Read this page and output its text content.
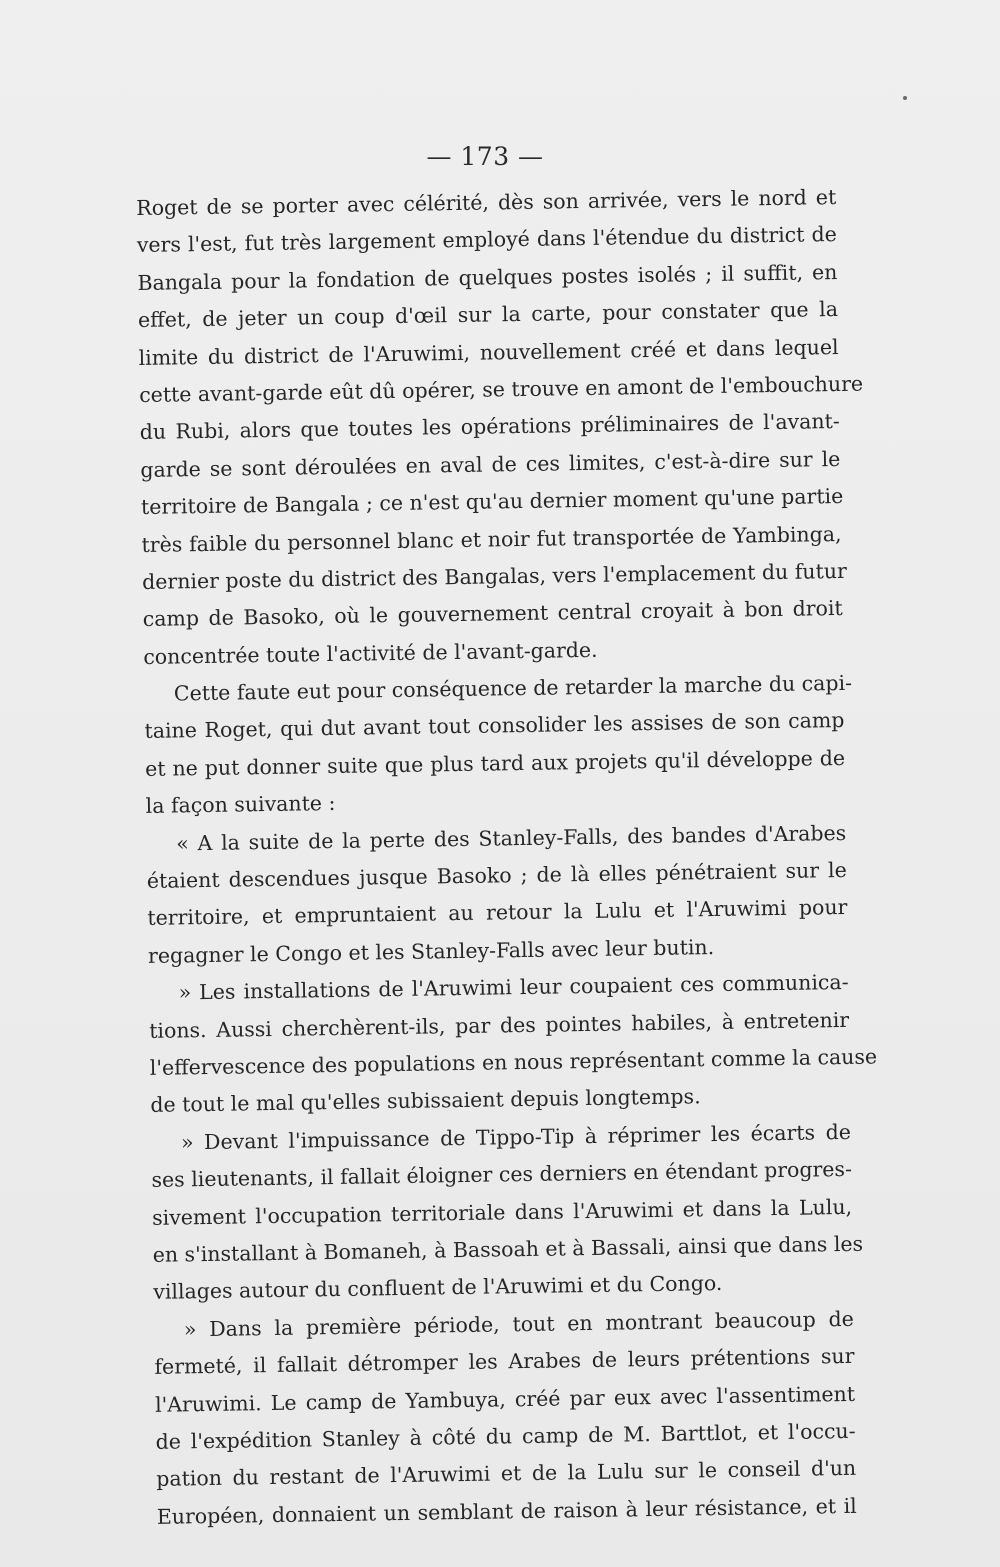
— 173 —
Roget de se porter avec célérité, dès son arrivée, vers le nord et
vers l'est, fut très largement employé dans l'étendue du district de
Bangala pour la fondation de quelques postes isolés ; il suffit, en
effet, de jeter un coup d'œil sur la carte, pour constater que la
limite du district de l'Aruwimi, nouvellement créé et dans lequel
cette avant-garde eût dû opérer, se trouve en amont de l'embouchure
du Rubi, alors que toutes les opérations préliminaires de l'avant-
garde se sont déroulées en aval de ces limites, c'est-à-dire sur le
territoire de Bangala ; ce n'est qu'au dernier moment qu'une partie
très faible du personnel blanc et noir fut transportée de Yambinga,
dernier poste du district des Bangalas, vers l'emplacement du futur
camp de Basoko, où le gouvernement central croyait à bon droit
concentrée toute l'activité de l'avant-garde.
Cette faute eut pour conséquence de retarder la marche du capi-
taine Roget, qui dut avant tout consolider les assises de son camp
et ne put donner suite que plus tard aux projets qu'il développe de
la façon suivante :
« A la suite de la perte des Stanley-Falls, des bandes d'Arabes
étaient descendues jusque Basoko ; de là elles pénétraient sur le
territoire, et empruntaient au retour la Lulu et l'Aruwimi pour
regagner le Congo et les Stanley-Falls avec leur butin.
» Les installations de l'Aruwimi leur coupaient ces communica-
tions. Aussi cherchèrent-ils, par des pointes habiles, à entretenir
l'effervescence des populations en nous représentant comme la cause
de tout le mal qu'elles subissaient depuis longtemps.
» Devant l'impuissance de Tippo-Tip à réprimer les écarts de
ses lieutenants, il fallait éloigner ces derniers en étendant progres-
sivement l'occupation territoriale dans l'Aruwimi et dans la Lulu,
en s'installant à Bomaneh, à Bassoah et à Bassali, ainsi que dans les
villages autour du confluent de l'Aruwimi et du Congo.
» Dans la première période, tout en montrant beaucoup de
fermeté, il fallait détromper les Arabes de leurs prétentions sur
l'Aruwimi. Le camp de Yambuya, créé par eux avec l'assentiment
de l'expédition Stanley à côté du camp de M. Barttlot, et l'occu-
pation du restant de l'Aruwimi et de la Lulu sur le conseil d'un
Européen, donnaient un semblant de raison à leur résistance, et il
